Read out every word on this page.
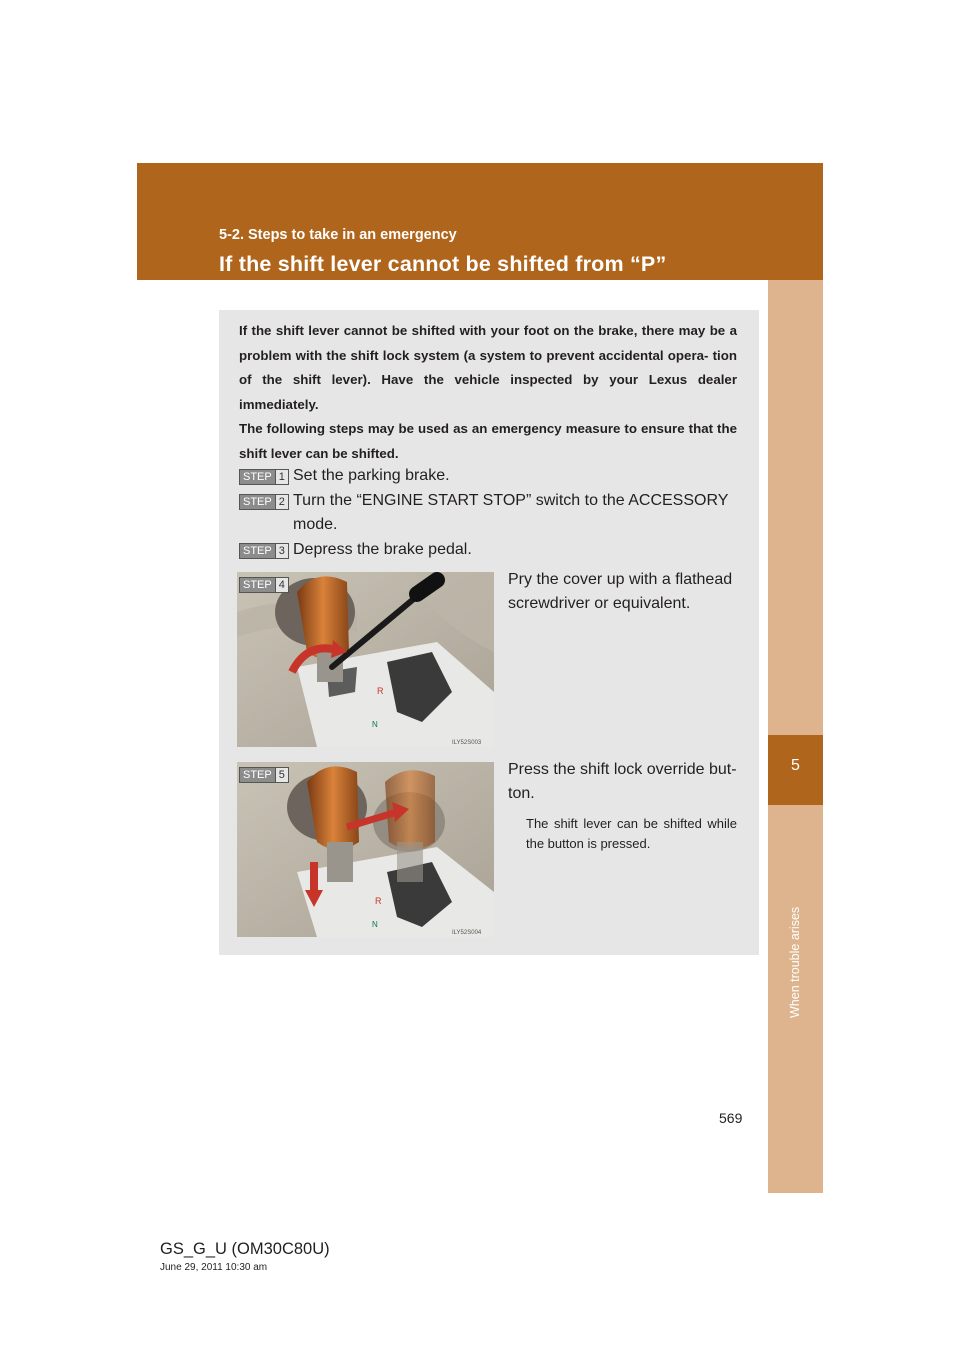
5-2. Steps to take in an emergency
If the shift lever cannot be shifted from “P”
5
When trouble arises
If the shift lever cannot be shifted with your foot on the brake, there may be a problem with the shift lock system (a system to prevent accidental opera- tion of the shift lever). Have the vehicle inspected by your Lexus dealer immediately.
The following steps may be used as an emergency measure to ensure that the shift lever can be shifted.
STEP 1 Set the parking brake.
STEP 2 Turn the “ENGINE START STOP” switch to the ACCESSORY mode.
STEP 3 Depress the brake pedal.
R
N
ILY52S003
STEP 4	Pry the cover up with a flathead screwdriver or equivalent.
R
N
ILY52S004
STEP 5	Press the shift lock override but- ton.
The shift lever can be shifted while the button is pressed.
569
GS_G_U (OM30C80U)
June 29, 2011 10:30 am
